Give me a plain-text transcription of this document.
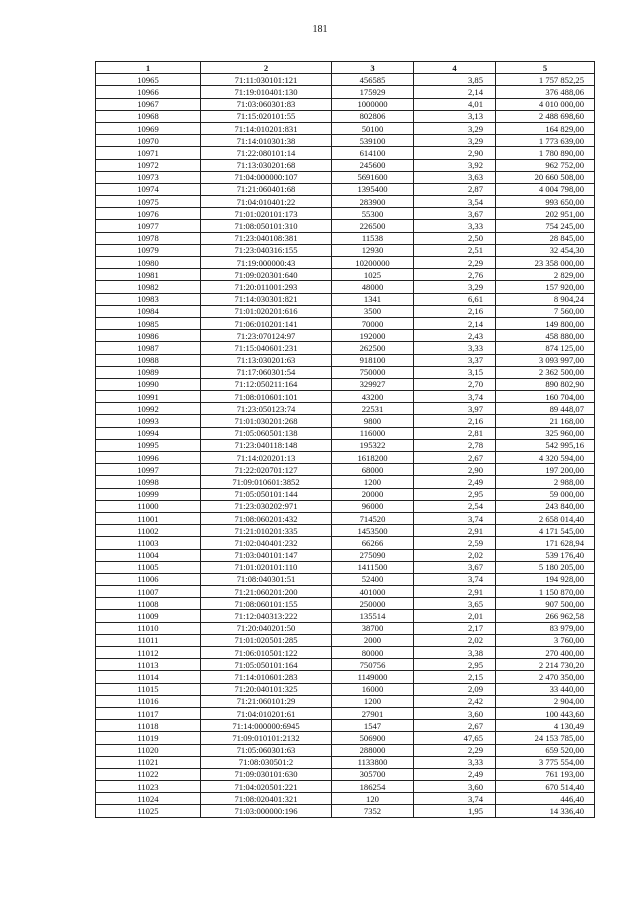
181
1	2	3	4	5
10965	71:11:030101:121	456585	3,85	1 757 852,25
10966	71:19:010401:130	175929	2,14	376 488,06
10967	71:03:060301:83	1000000	4,01	4 010 000,00
10968	71:15:020101:55	802806	3,13	2 488 698,60
10969	71:14:010201:831	50100	3,29	164 829,00
10970	71:14:010301:38	539100	3,29	1 773 639,00
10971	71:22:080101:14	614100	2,90	1 780 890,00
10972	71:13:030201:68	245600	3,92	962 752,00
10973	71:04:000000:107	5691600	3,63	20 660 508,00
10974	71:21:060401:68	1395400	2,87	4 004 798,00
10975	71:04:010401:22	283900	3,54	993 650,00
10976	71:01:020101:173	55300	3,67	202 951,00
10977	71:08:050101:310	226500	3,33	754 245,00
10978	71:23:040108:381	11538	2,50	28 845,00
10979	71:23:040316:155	12930	2,51	32 454,30
10980	71:19:000000:43	10200000	2,29	23 358 000,00
10981	71:09:020301:640	1025	2,76	2 829,00
10982	71:20:011001:293	48000	3,29	157 920,00
10983	71:14:030301:821	1341	6,61	8 904,24
10984	71:01:020201:616	3500	2,16	7 560,00
10985	71:06:010201:141	70000	2,14	149 800,00
10986	71:23:070124:97	192000	2,43	458 880,00
10987	71:15:040601:231	262500	3,33	874 125,00
10988	71:13:030201:63	918100	3,37	3 093 997,00
10989	71:17:060301:54	750000	3,15	2 362 500,00
10990	71:12:050211:164	329927	2,70	890 802,90
10991	71:08:010601:101	43200	3,74	160 704,00
10992	71:23:050123:74	22531	3,97	89 448,07
10993	71:01:030201:268	9800	2,16	21 168,00
10994	71:05:060501:138	116000	2,81	325 960,00
10995	71:23:040118:148	195322	2,78	542 995,16
10996	71:14:020201:13	1618200	2,67	4 320 594,00
10997	71:22:020701:127	68000	2,90	197 200,00
10998	71:09:010601:3852	1200	2,49	2 988,00
10999	71:05:050101:144	20000	2,95	59 000,00
11000	71:23:030202:971	96000	2,54	243 840,00
11001	71:08:060201:432	714520	3,74	2 658 014,40
11002	71:21:010201:335	1453500	2,91	4 171 545,00
11003	71:02:040401:232	66266	2,59	171 628,94
11004	71:03:040101:147	275090	2,02	539 176,40
11005	71:01:020101:110	1411500	3,67	5 180 205,00
11006	71:08:040301:51	52400	3,74	194 928,00
11007	71:21:060201:200	401000	2,91	1 150 870,00
11008	71:08:060101:155	250000	3,65	907 500,00
11009	71:12:040313:222	135514	2,01	266 962,58
11010	71:20:040201:50	38700	2,17	83 979,00
11011	71:01:020501:285	2000	2,02	3 760,00
11012	71:06:010501:122	80000	3,38	270 400,00
11013	71:05:050101:164	750756	2,95	2 214 730,20
11014	71:14:010601:283	1149000	2,15	2 470 350,00
11015	71:20:040101:325	16000	2,09	33 440,00
11016	71:21:060101:29	1200	2,42	2 904,00
11017	71:04:010201:61	27901	3,60	100 443,60
11018	71:14:000000:6945	1547	2,67	4 130,49
11019	71:09:010101:2132	506900	47,65	24 153 785,00
11020	71:05:060301:63	288000	2,29	659 520,00
11021	71:08:030501:2	1133800	3,33	3 775 554,00
11022	71:09:030101:630	305700	2,49	761 193,00
11023	71:04:020501:221	186254	3,60	670 514,40
11024	71:08:020401:321	120	3,74	446,40
11025	71:03:000000:196	7352	1,95	14 336,40
